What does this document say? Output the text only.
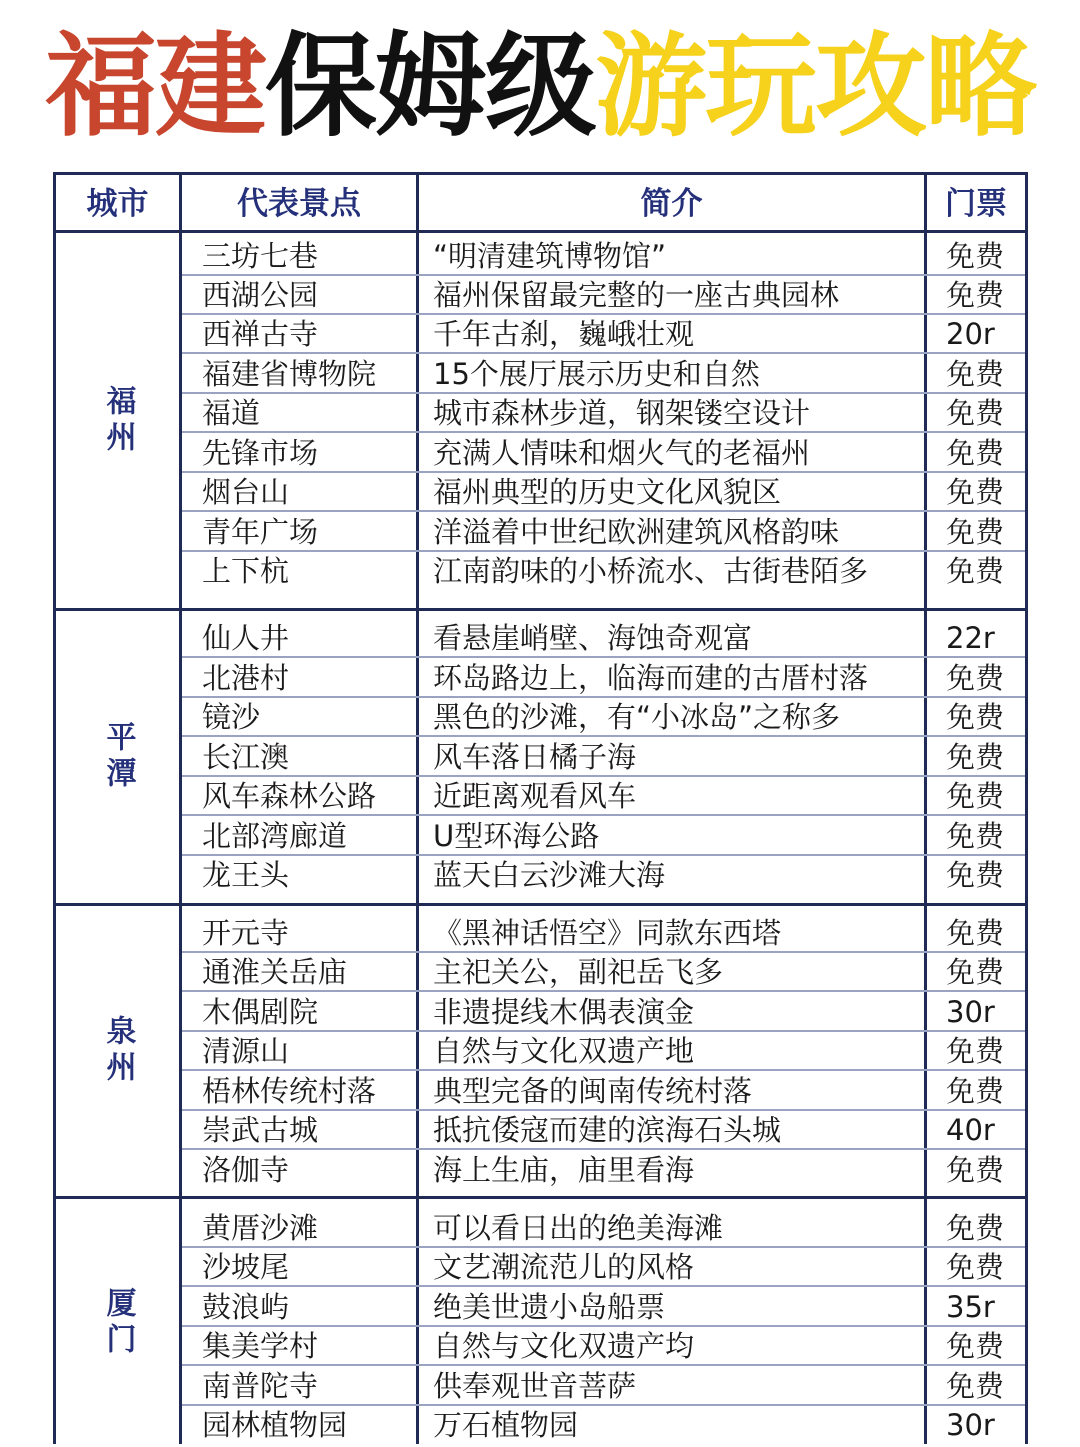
福建保姆级游玩攻略
城市	代表景点	简介	门票
福州
三坊七巷	“明清建筑博物馆”	免费
西湖公园	福州保留最完整的一座古典园林	免费
西禅古寺	千年古刹，巍峨壮观	20r
福建省博物院	15个展厅展示历史和自然	免费
福道	城市森林步道，钢架镂空设计	免费
先锋市场	充满人情味和烟火气的老福州	免费
烟台山	福州典型的历史文化风貌区	免费
青年广场	洋溢着中世纪欧洲建筑风格韵味	免费
上下杭	江南韵味的小桥流水、古街巷陌多	免费
平潭
仙人井	看悬崖峭壁、海蚀奇观富	22r
北港村	环岛路边上，临海而建的古厝村落	免费
镜沙	黑色的沙滩，有“小冰岛”之称多	免费
长江澳	风车落日橘子海	免费
风车森林公路	近距离观看风车	免费
北部湾廊道	U型环海公路	免费
龙王头	蓝天白云沙滩大海	免费
泉州
开元寺	《黑神话悟空》同款东西塔	免费
通淮关岳庙	主祀关公，副祀岳飞多	免费
木偶剧院	非遗提线木偶表演金	30r
清源山	自然与文化双遗产地	免费
梧林传统村落	典型完备的闽南传统村落	免费
崇武古城	抵抗倭寇而建的滨海石头城	40r
洛伽寺	海上生庙，庙里看海	免费
厦门
黄厝沙滩	可以看日出的绝美海滩	免费
沙坡尾	文艺潮流范儿的风格	免费
鼓浪屿	绝美世遗小岛船票	35r
集美学村	自然与文化双遗产均	免费
南普陀寺	供奉观世音菩萨	免费
园林植物园	万石植物园	30r
